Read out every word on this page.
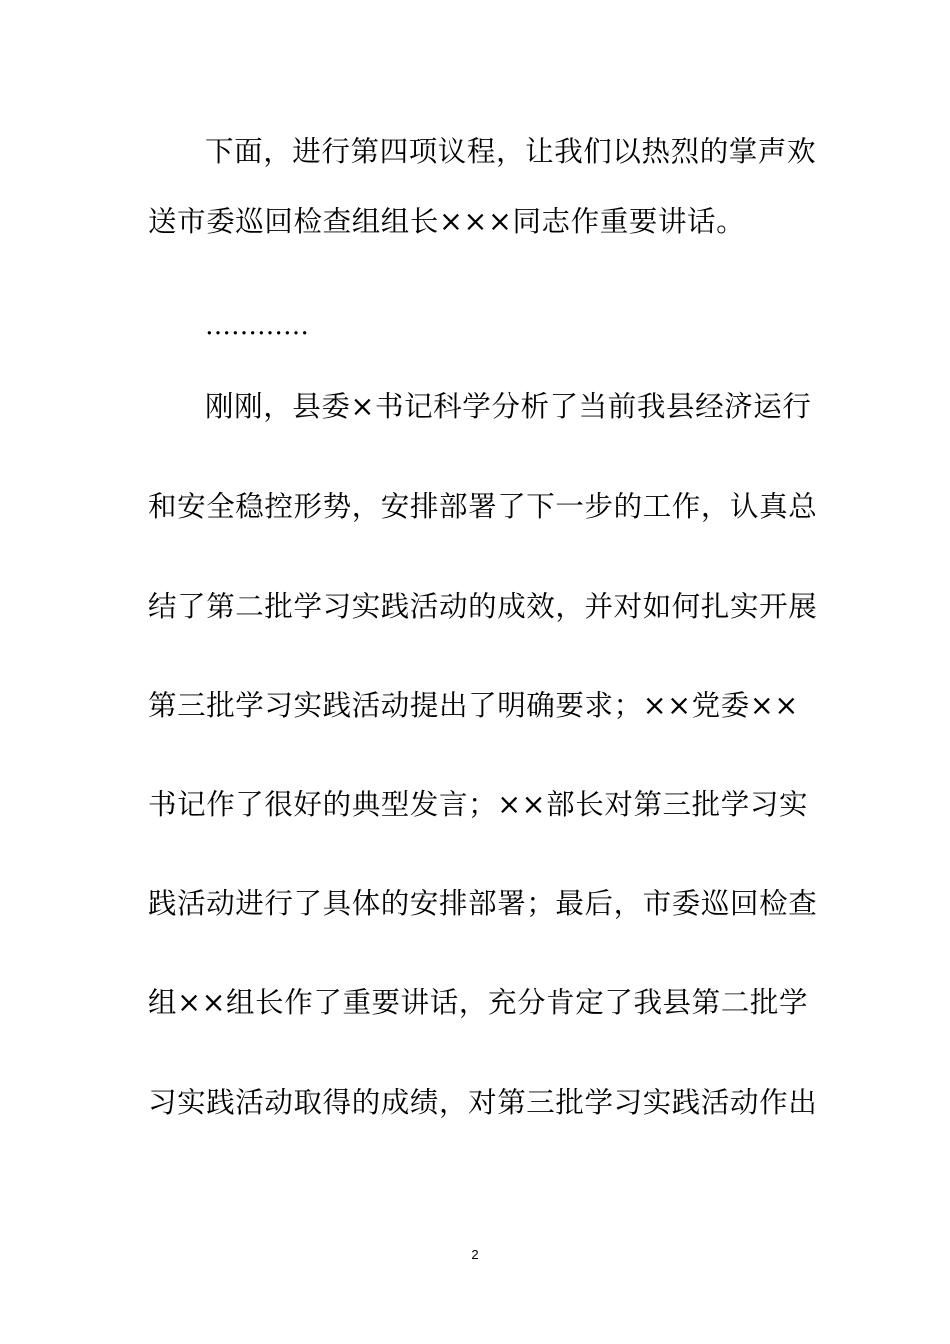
下面，进行第四项议程，让我们以热烈的掌声欢
送市委巡回检查组组长×××同志作重要讲话。
…………
刚刚，县委×书记科学分析了当前我县经济运行
和安全稳控形势，安排部署了下一步的工作，认真总
结了第二批学习实践活动的成效，并对如何扎实开展
第三批学习实践活动提出了明确要求；××党委××
书记作了很好的典型发言；××部长对第三批学习实
践活动进行了具体的安排部署；最后，市委巡回检查
组××组长作了重要讲话，充分肯定了我县第二批学
习实践活动取得的成绩，对第三批学习实践活动作出
2
